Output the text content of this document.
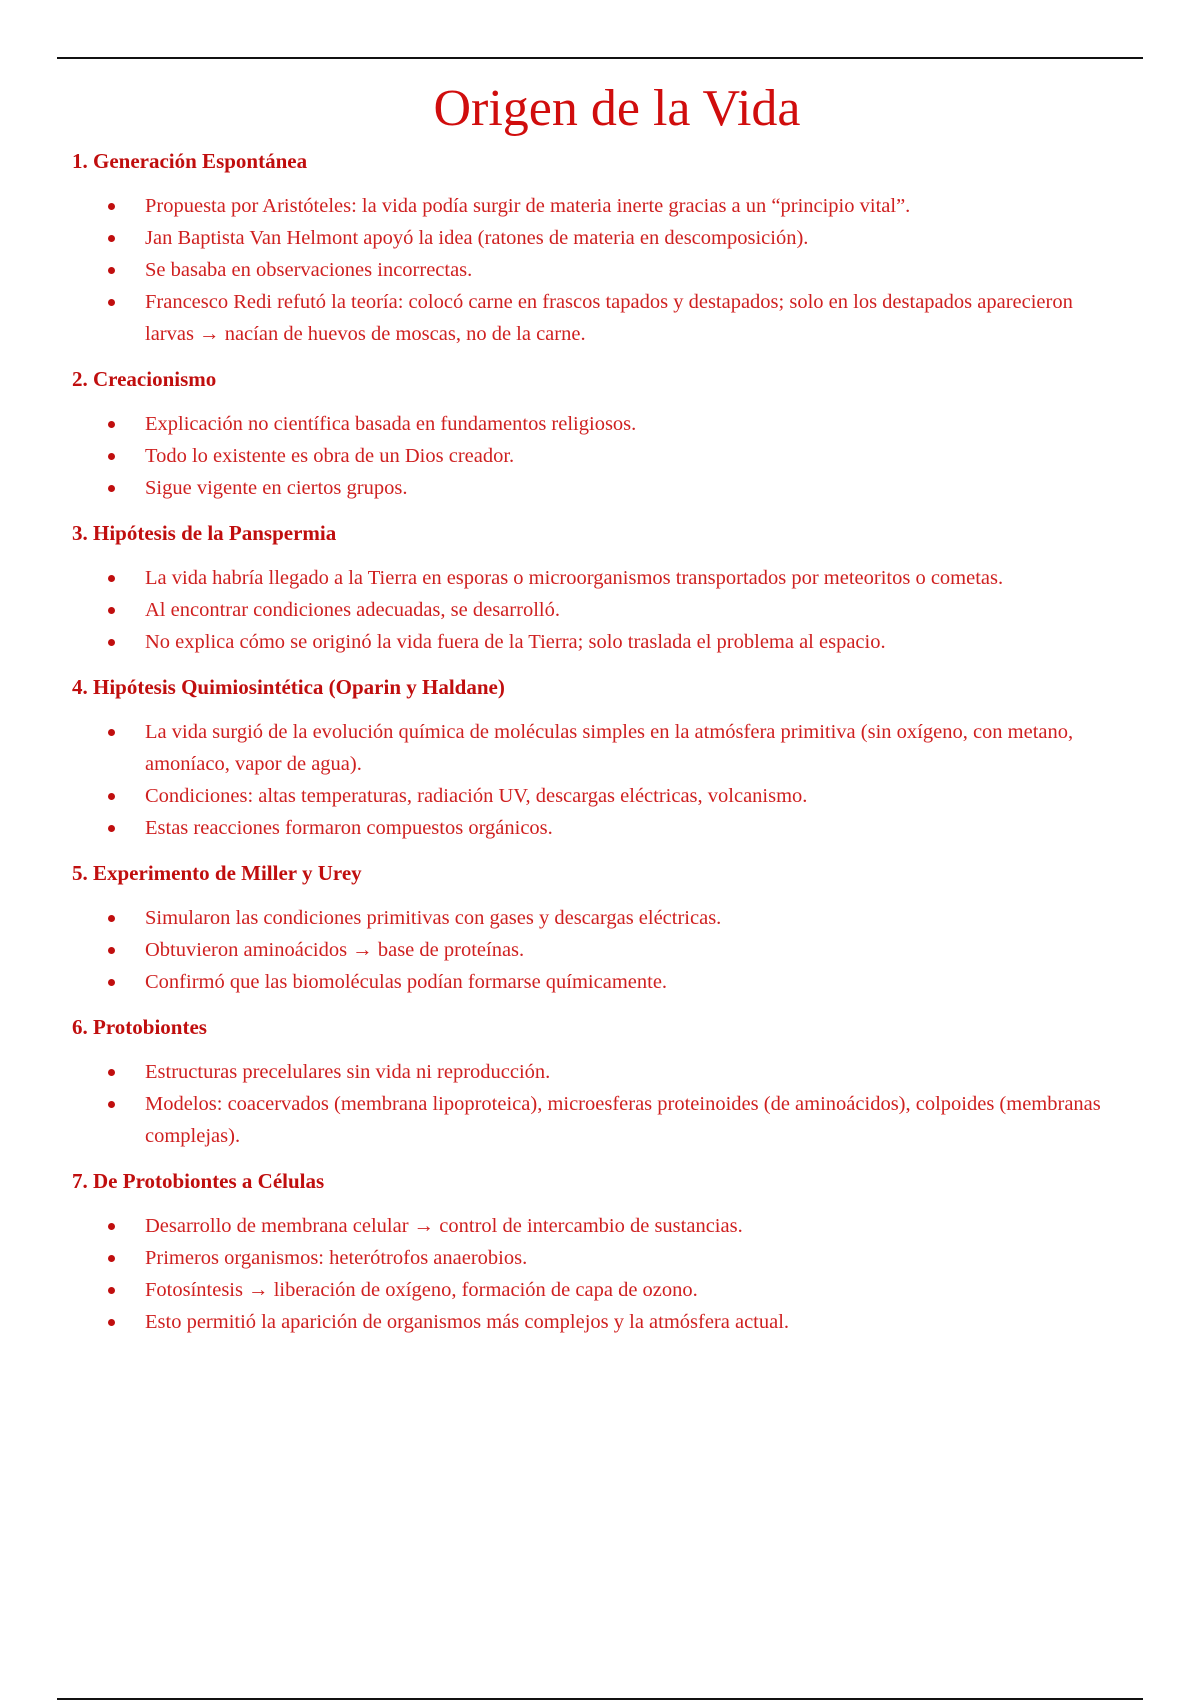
Origen de la Vida
1. Generación Espontánea
Propuesta por Aristóteles: la vida podía surgir de materia inerte gracias a un “principio vital”.
Jan Baptista Van Helmont apoyó la idea (ratones de materia en descomposición).
Se basaba en observaciones incorrectas.
Francesco Redi refutó la teoría: colocó carne en frascos tapados y destapados; solo en los destapados aparecieron larvas → nacían de huevos de moscas, no de la carne.
2. Creacionismo
Explicación no científica basada en fundamentos religiosos.
Todo lo existente es obra de un Dios creador.
Sigue vigente en ciertos grupos.
3. Hipótesis de la Panspermia
La vida habría llegado a la Tierra en esporas o microorganismos transportados por meteoritos o cometas.
Al encontrar condiciones adecuadas, se desarrolló.
No explica cómo se originó la vida fuera de la Tierra; solo traslada el problema al espacio.
4. Hipótesis Quimiosintética (Oparin y Haldane)
La vida surgió de la evolución química de moléculas simples en la atmósfera primitiva (sin oxígeno, con metano, amoníaco, vapor de agua).
Condiciones: altas temperaturas, radiación UV, descargas eléctricas, volcanismo.
Estas reacciones formaron compuestos orgánicos.
5. Experimento de Miller y Urey
Simularon las condiciones primitivas con gases y descargas eléctricas.
Obtuvieron aminoácidos → base de proteínas.
Confirmó que las biomoléculas podían formarse químicamente.
6. Protobiontes
Estructuras precelulares sin vida ni reproducción.
Modelos: coacervados (membrana lipoproteica), microesferas proteinoides (de aminoácidos), colpoides (membranas complejas).
7. De Protobiontes a Células
Desarrollo de membrana celular → control de intercambio de sustancias.
Primeros organismos: heterótrofos anaerobios.
Fotosíntesis → liberación de oxígeno, formación de capa de ozono.
Esto permitió la aparición de organismos más complejos y la atmósfera actual.
